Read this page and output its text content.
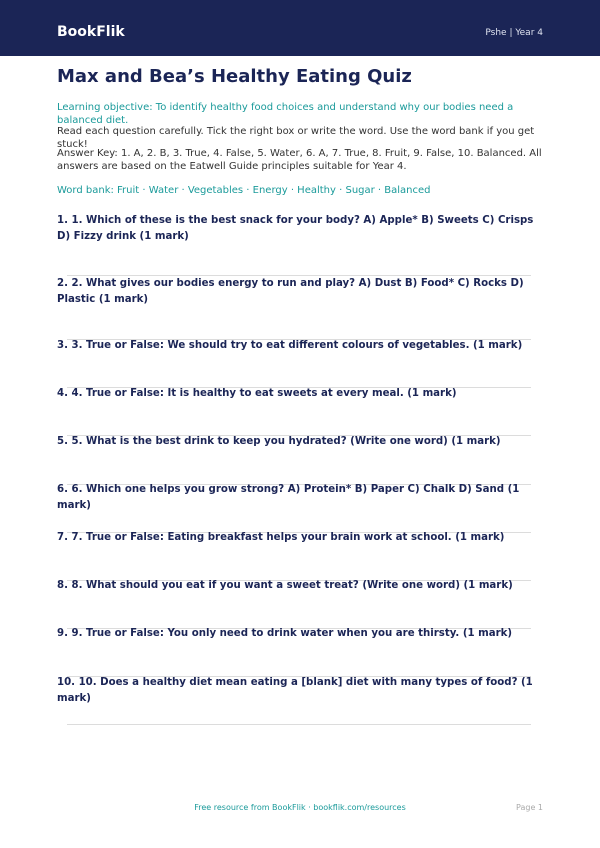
BookFlik	Pshe | Year 4
Max and Bea’s Healthy Eating Quiz

Learning objective: To identify healthy food choices and understand why our bodies need a balanced diet.

Read each question carefully. Tick the right box or write the word. Use the word bank if you get stuck!

Answer Key: 1. A, 2. B, 3. True, 4. False, 5. Water, 6. A, 7. True, 8. Fruit, 9. False, 10. Balanced. All answers are based on the Eatwell Guide principles suitable for Year 4.

Word bank: Fruit · Water · Vegetables · Energy · Healthy · Sugar · Balanced

1. 1. Which of these is the best snack for your body? A) Apple* B) Sweets C) Crisps D) Fizzy drink (1 mark)
2. 2. What gives our bodies energy to run and play? A) Dust B) Food* C) Rocks D) Plastic (1 mark)
3. 3. True or False: We should try to eat different colours of vegetables. (1 mark)
4. 4. True or False: It is healthy to eat sweets at every meal. (1 mark)
5. 5. What is the best drink to keep you hydrated? (Write one word) (1 mark)
6. 6. Which one helps you grow strong? A) Protein* B) Paper C) Chalk D) Sand (1 mark)
7. 7. True or False: Eating breakfast helps your brain work at school. (1 mark)
8. 8. What should you eat if you want a sweet treat? (Write one word) (1 mark)
9. 9. True or False: You only need to drink water when you are thirsty. (1 mark)
10. 10. Does a healthy diet mean eating a [blank] diet with many types of food? (1 mark)
Free resource from BookFlik · bookflik.com/resources	Page 1
